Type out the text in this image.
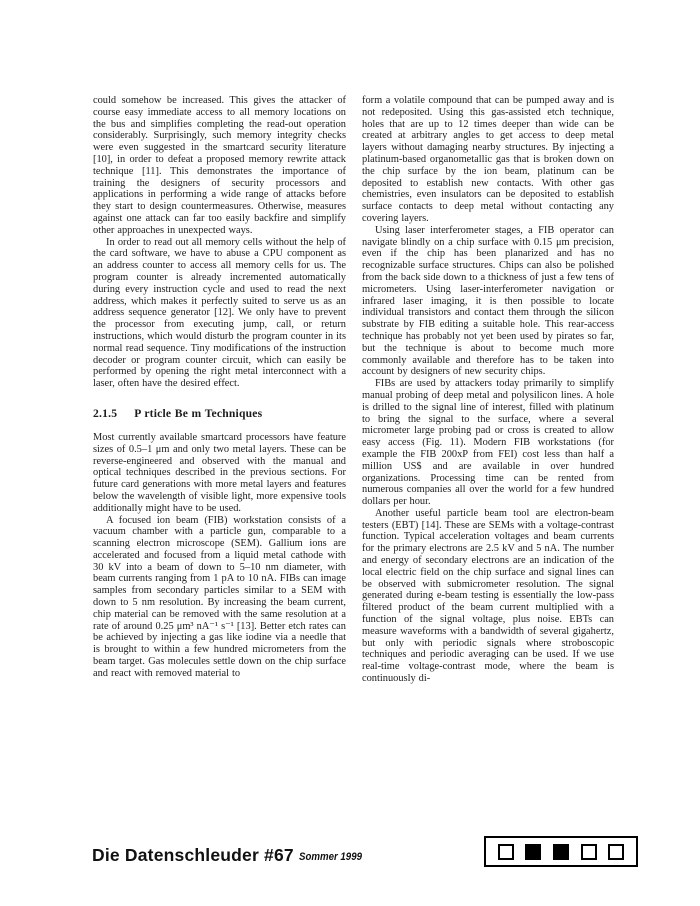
could somehow be increased. This gives the attacker of course easy immediate access to all memory locations on the bus and simplifies completing the read-out operation considerably. Surprisingly, such memory integrity checks were even suggested in the smartcard security literature [10], in order to defeat a proposed memory rewrite attack technique [11]. This demonstrates the importance of training the designers of security processors and applications in performing a wide range of attacks before they start to design countermeasures. Otherwise, measures against one attack can far too easily backfire and simplify other approaches in unexpected ways.

In order to read out all memory cells without the help of the card software, we have to abuse a CPU component as an address counter to access all memory cells for us. The program counter is already incremented automatically during every instruction cycle and used to read the next address, which makes it perfectly suited to serve us as an address sequence generator [12]. We only have to prevent the processor from executing jump, call, or return instructions, which would disturb the program counter in its normal read sequence. Tiny modifications of the instruction decoder or program counter circuit, which can easily be performed by opening the right metal interconnect with a laser, often have the desired effect.

2.1.5 P rticle Be m Techniques

Most currently available smartcard processors have feature sizes of 0.5–1 μm and only two metal layers. These can be reverse-engineered and observed with the manual and optical techniques described in the previous sections. For future card generations with more metal layers and features below the wavelength of visible light, more expensive tools additionally might have to be used.

A focused ion beam (FIB) workstation consists of a vacuum chamber with a particle gun, comparable to a scanning electron microscope (SEM). Gallium ions are accelerated and focused from a liquid metal cathode with 30 kV into a beam of down to 5–10 nm diameter, with beam currents ranging from 1 pA to 10 nA. FIBs can image samples from secondary particles similar to a SEM with down to 5 nm resolution. By increasing the beam current, chip material can be removed with the same resolution at a rate of around 0.25 μm³ nA⁻¹ s⁻¹ [13]. Better etch rates can be achieved by injecting a gas like iodine via a needle that is brought to within a few hundred micrometers from the beam target. Gas molecules settle down on the chip surface and react with removed material to

form a volatile compound that can be pumped away and is not redeposited. Using this gas-assisted etch technique, holes that are up to 12 times deeper than wide can be created at arbitrary angles to get access to deep metal layers without damaging nearby structures. By injecting a platinum-based organometallic gas that is broken down on the chip surface by the ion beam, platinum can be deposited to establish new contacts. With other gas chemistries, even insulators can be deposited to establish surface contacts to deep metal without contacting any covering layers.

Using laser interferometer stages, a FIB operator can navigate blindly on a chip surface with 0.15 μm precision, even if the chip has been planarized and has no recognizable surface structures. Chips can also be polished from the back side down to a thickness of just a few tens of micrometers. Using laser-interferometer navigation or infrared laser imaging, it is then possible to locate individual transistors and contact them through the silicon substrate by FIB editing a suitable hole. This rear-access technique has probably not yet been used by pirates so far, but the technique is about to become much more commonly available and therefore has to be taken into account by designers of new security chips.

FIBs are used by attackers today primarily to simplify manual probing of deep metal and polysilicon lines. A hole is drilled to the signal line of interest, filled with platinum to bring the signal to the surface, where a several micrometer large probing pad or cross is created to allow easy access (Fig. 11). Modern FIB workstations (for example the FIB 200xP from FEI) cost less than half a million US$ and are available in over hundred organizations. Processing time can be rented from numerous companies all over the world for a few hundred dollars per hour.

Another useful particle beam tool are electron-beam testers (EBT) [14]. These are SEMs with a voltage-contrast function. Typical acceleration voltages and beam currents for the primary electrons are 2.5 kV and 5 nA. The number and energy of secondary electrons are an indication of the local electric field on the chip surface and signal lines can be observed with submicrometer resolution. The signal generated during e-beam testing is essentially the low-pass filtered product of the beam current multiplied with a function of the signal voltage, plus noise. EBTs can measure waveforms with a bandwidth of several gigahertz, but only with periodic signals where stroboscopic techniques and periodic averaging can be used. If we use real-time voltage-contrast mode, where the beam is continuously di-

Die Datenschleuder #67 Sommer 1999
